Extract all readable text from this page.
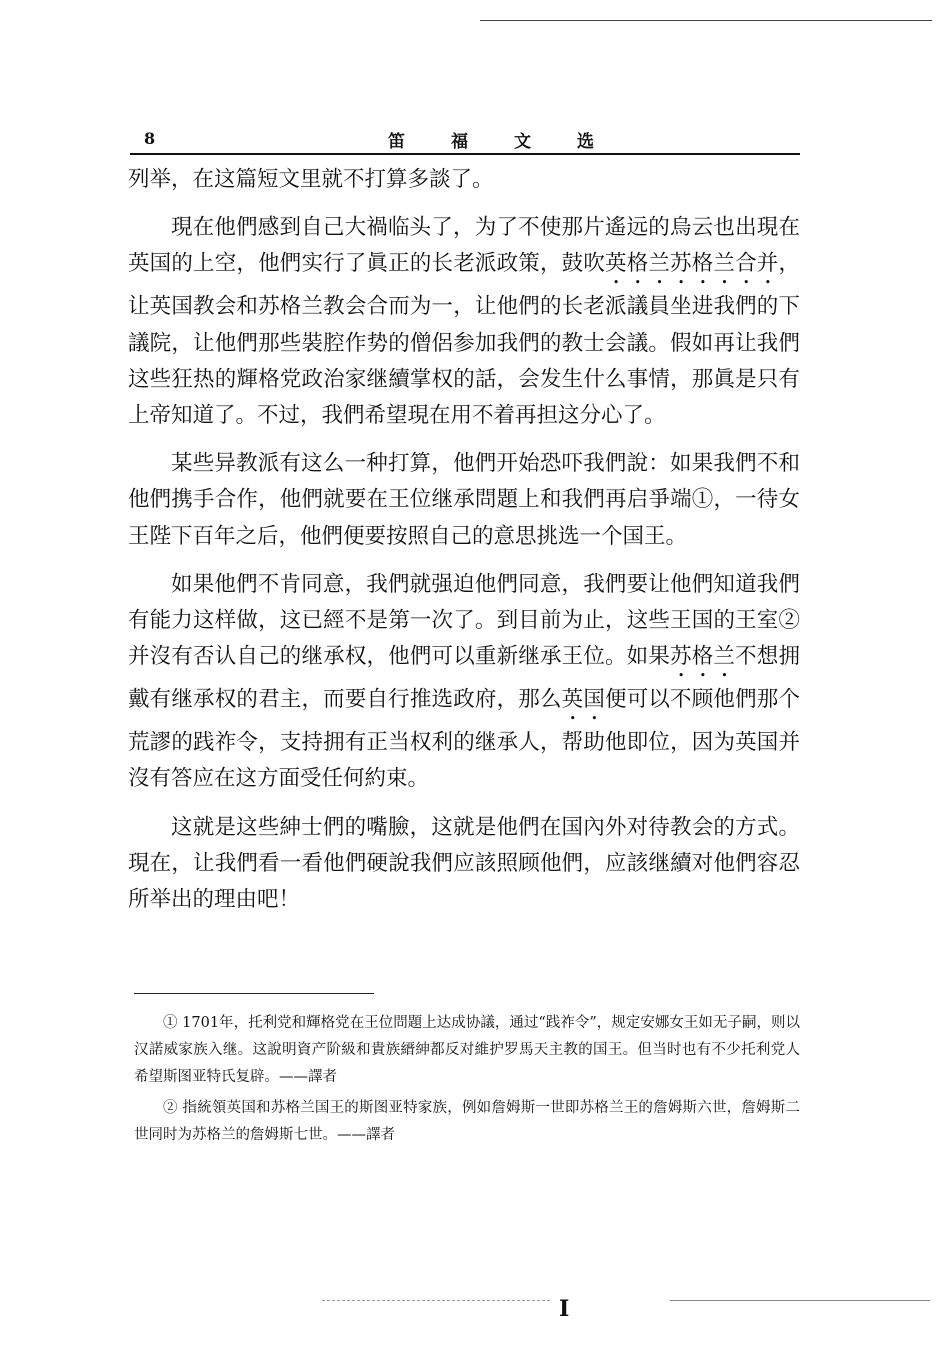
8	笛福文选

列举，在这篇短文里就不打算多談了。

現在他們感到自己大禍临头了，为了不使那片遙远的烏云也出現在英国的上空，他們实行了眞正的长老派政策，鼓吹英格兰苏格兰合并，让英国教会和苏格兰教会合而为一，让他們的长老派議員坐进我們的下議院，让他們那些裝腔作势的僧侶参加我們的教士会議。假如再让我們这些狂热的輝格党政治家继續掌权的話，会发生什么事情，那眞是只有上帝知道了。不过，我們希望現在用不着再担这分心了。

某些异教派有这么一种打算，他們开始恐吓我們說：如果我們不和他們携手合作，他們就要在王位继承問題上和我們再启爭端①，一待女王陛下百年之后，他們便要按照自己的意思挑选一个国王。

如果他們不肯同意，我們就强迫他們同意，我們要让他們知道我們有能力这样做，这已經不是第一次了。到目前为止，这些王国的王室② 并沒有否认自己的继承权，他們可以重新继承王位。如果苏格兰不想拥戴有继承权的君主，而要自行推选政府，那么英国便可以不顾他們那个荒謬的践祚令，支持拥有正当权利的继承人，帮助他即位，因为英国并沒有答应在这方面受任何約束。

这就是这些紳士們的嘴臉，这就是他們在国內外对待教会的方式。現在，让我們看一看他們硬說我們应該照顾他們，应該继續对他們容忍所举出的理由吧！

① 1701年，托利党和輝格党在王位問題上达成协議，通过“践祚令”，规定安娜女王如无子嗣，则以汉諾威家族入继。这說明資产阶級和貴族縉紳都反对維护罗馬天主教的国王。但当时也有不少托利党人希望斯图亚特氏复辟。——譯者

② 指統領英国和苏格兰国王的斯图亚特家族，例如詹姆斯一世即苏格兰王的詹姆斯六世，詹姆斯二世同时为苏格兰的詹姆斯七世。——譯者

I
